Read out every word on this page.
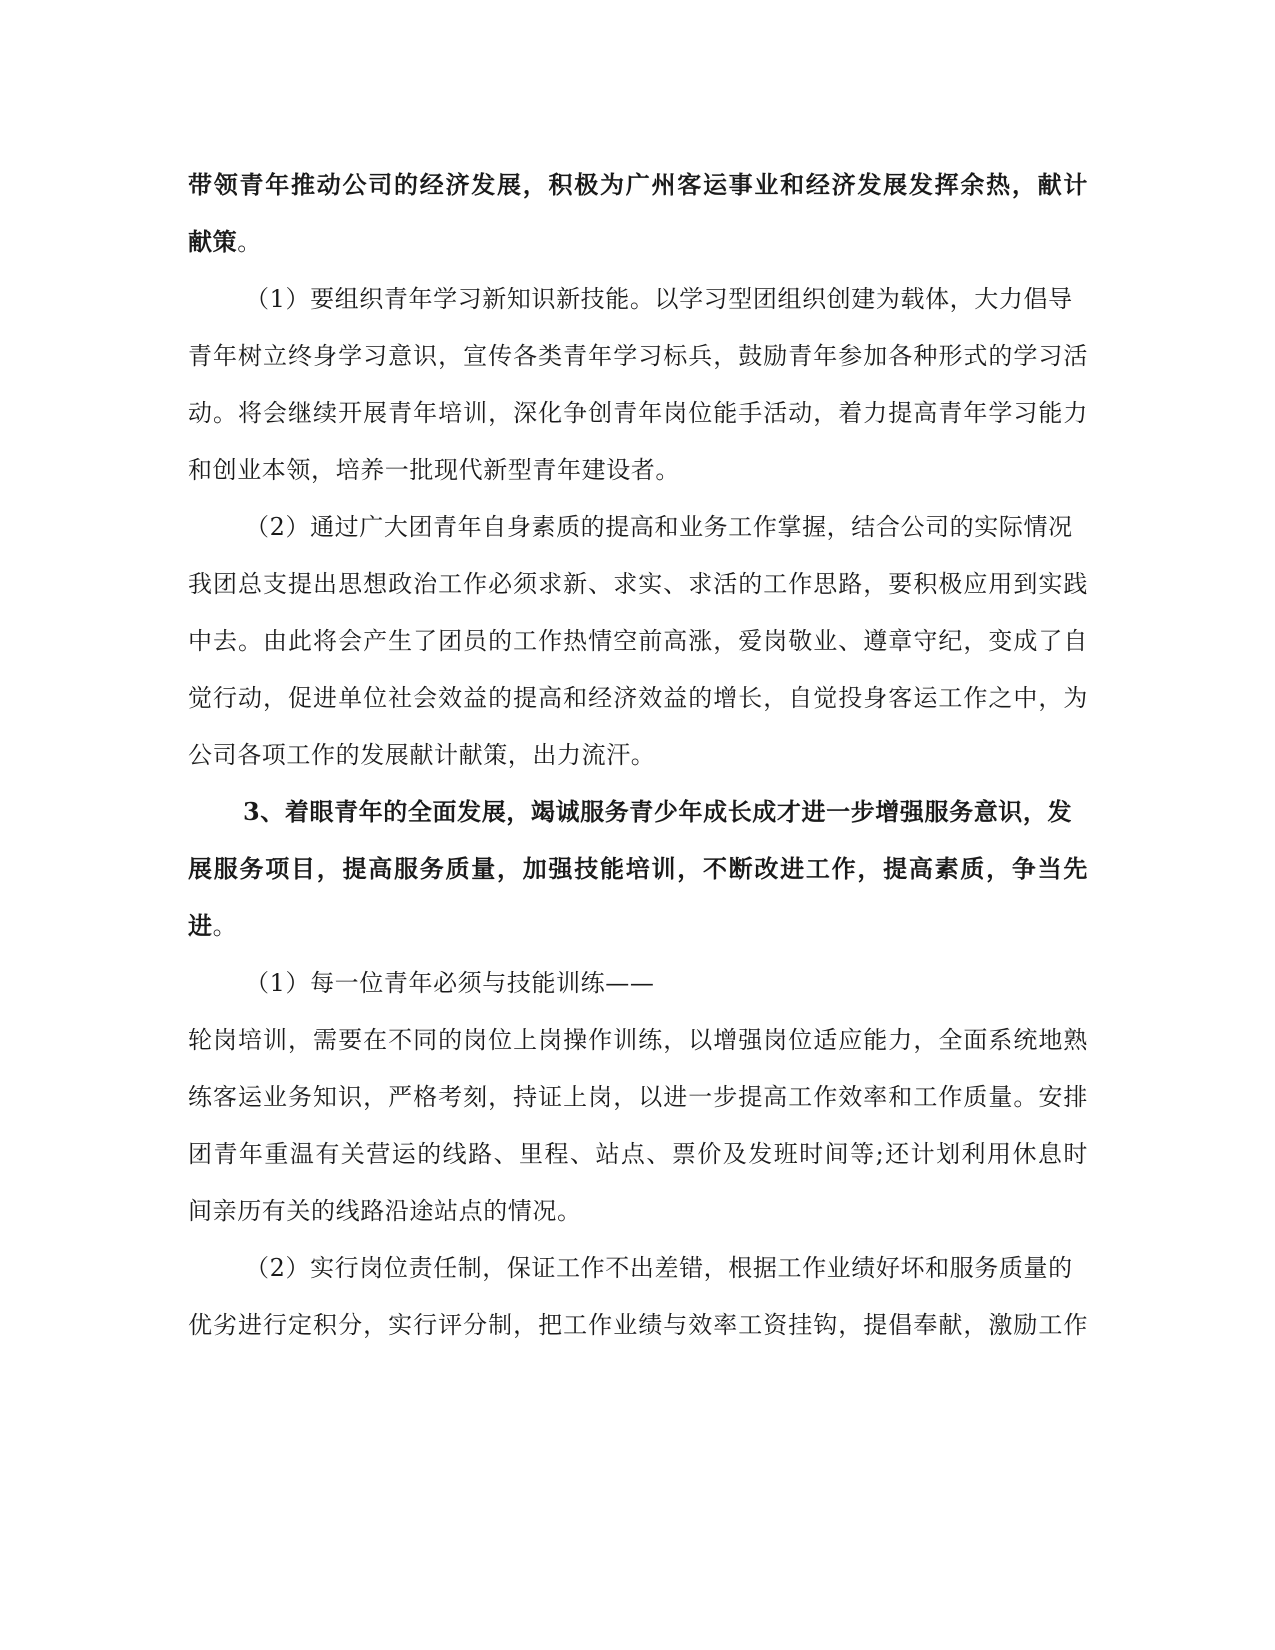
带领青年推动公司的经济发展，积极为广州客运事业和经济发展发挥余热，献计
献策。
（1）要组织青年学习新知识新技能。以学习型团组织创建为载体，大力倡导
青年树立终身学习意识，宣传各类青年学习标兵，鼓励青年参加各种形式的学习活
动。将会继续开展青年培训，深化争创青年岗位能手活动，着力提高青年学习能力
和创业本领，培养一批现代新型青年建设者。
（2）通过广大团青年自身素质的提高和业务工作掌握，结合公司的实际情况
我团总支提出思想政治工作必须求新、求实、求活的工作思路，要积极应用到实践
中去。由此将会产生了团员的工作热情空前高涨，爱岗敬业、遵章守纪，变成了自
觉行动，促进单位社会效益的提高和经济效益的增长，自觉投身客运工作之中，为
公司各项工作的发展献计献策，出力流汗。
3、着眼青年的全面发展，竭诚服务青少年成长成才进一步增强服务意识，发
展服务项目，提高服务质量，加强技能培训，不断改进工作，提高素质，争当先
进。
（1）每一位青年必须与技能训练——
轮岗培训，需要在不同的岗位上岗操作训练，以增强岗位适应能力，全面系统地熟
练客运业务知识，严格考刻，持证上岗，以进一步提高工作效率和工作质量。安排
团青年重温有关营运的线路、里程、站点、票价及发班时间等;还计划利用休息时
间亲历有关的线路沿途站点的情况。
（2）实行岗位责任制，保证工作不出差错，根据工作业绩好坏和服务质量的
优劣进行定积分，实行评分制，把工作业绩与效率工资挂钩，提倡奉献，激励工作
